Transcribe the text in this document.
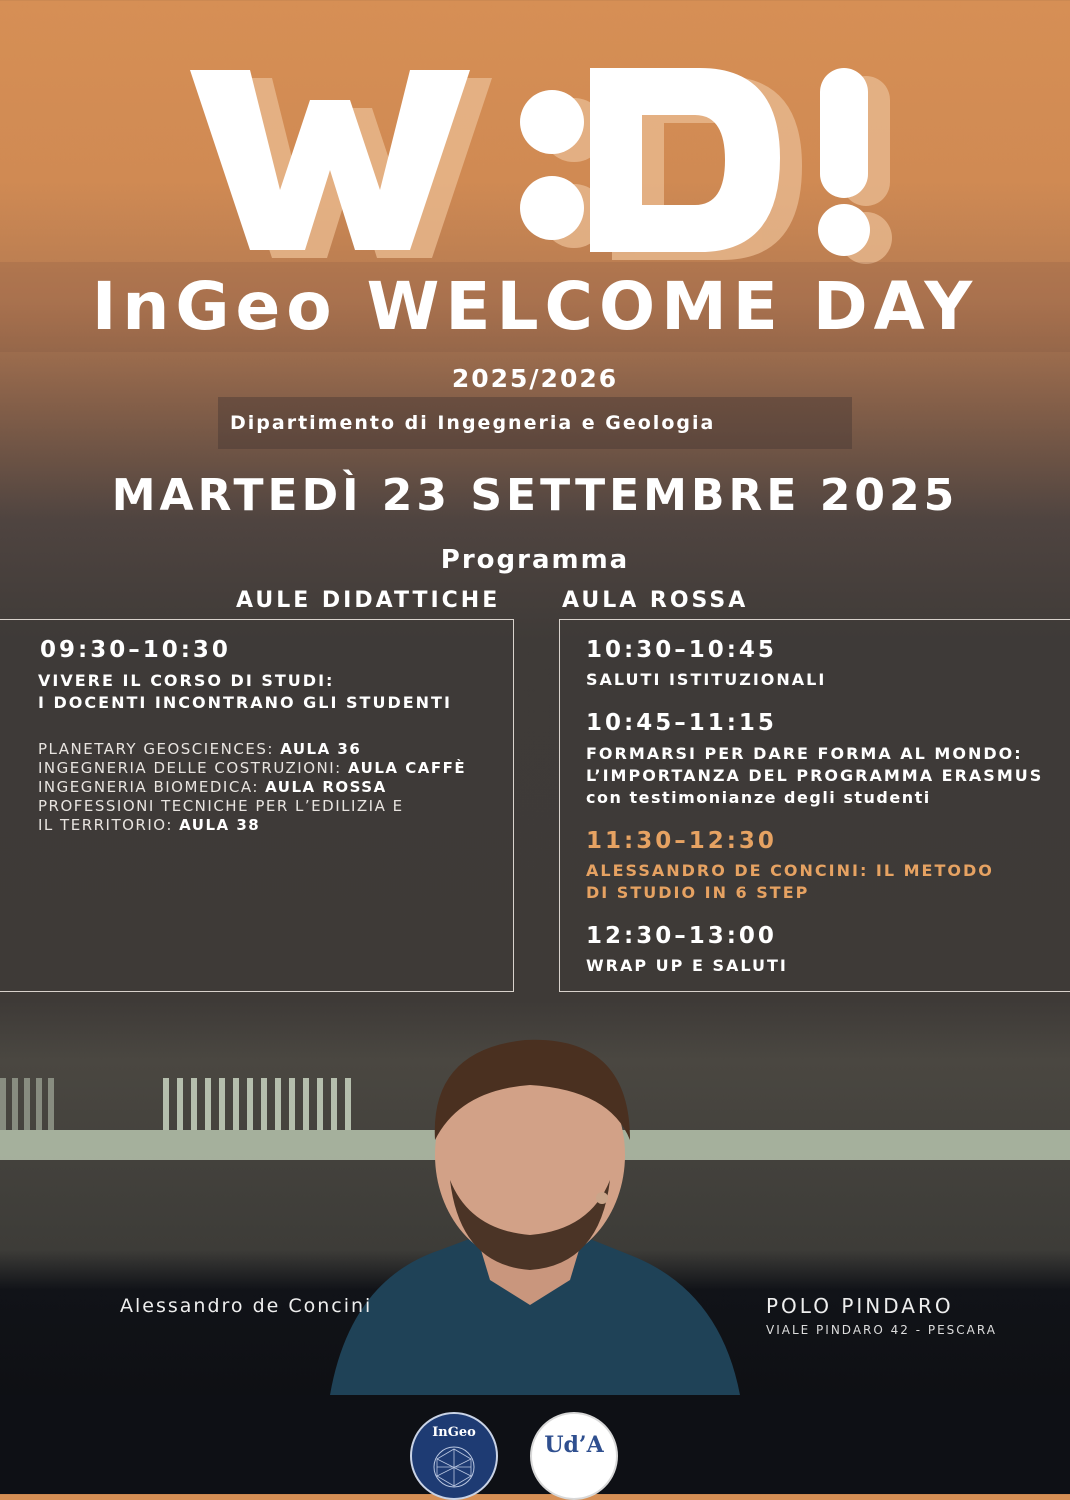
InGeo WELCOME DAY
2025/2026
Dipartimento di Ingegneria e Geologia
MARTEDÌ 23 SETTEMBRE 2025
Programma
AULE DIDATTICHE	AULA ROSSA
09:30–10:30
VIVERE IL CORSO DI STUDI:
I DOCENTI INCONTRANO GLI STUDENTI
PLANETARY GEOSCIENCES: AULA 36
INGEGNERIA DELLE COSTRUZIONI: AULA CAFFÈ
INGEGNERIA BIOMEDICA: AULA ROSSA
PROFESSIONI TECNICHE PER L’EDILIZIA E
IL TERRITORIO: AULA 38
10:30–10:45
SALUTI ISTITUZIONALI
10:45–11:15
FORMARSI PER DARE FORMA AL MONDO:
L’IMPORTANZA DEL PROGRAMMA ERASMUS
con testimonianze degli studenti
11:30–12:30
ALESSANDRO DE CONCINI: IL METODO
DI STUDIO IN 6 STEP
12:30–13:00
WRAP UP E SALUTI
Alessandro de Concini	POLO PINDARO
VIALE PINDARO 42 - PESCARA
InGeo	Ud’A
